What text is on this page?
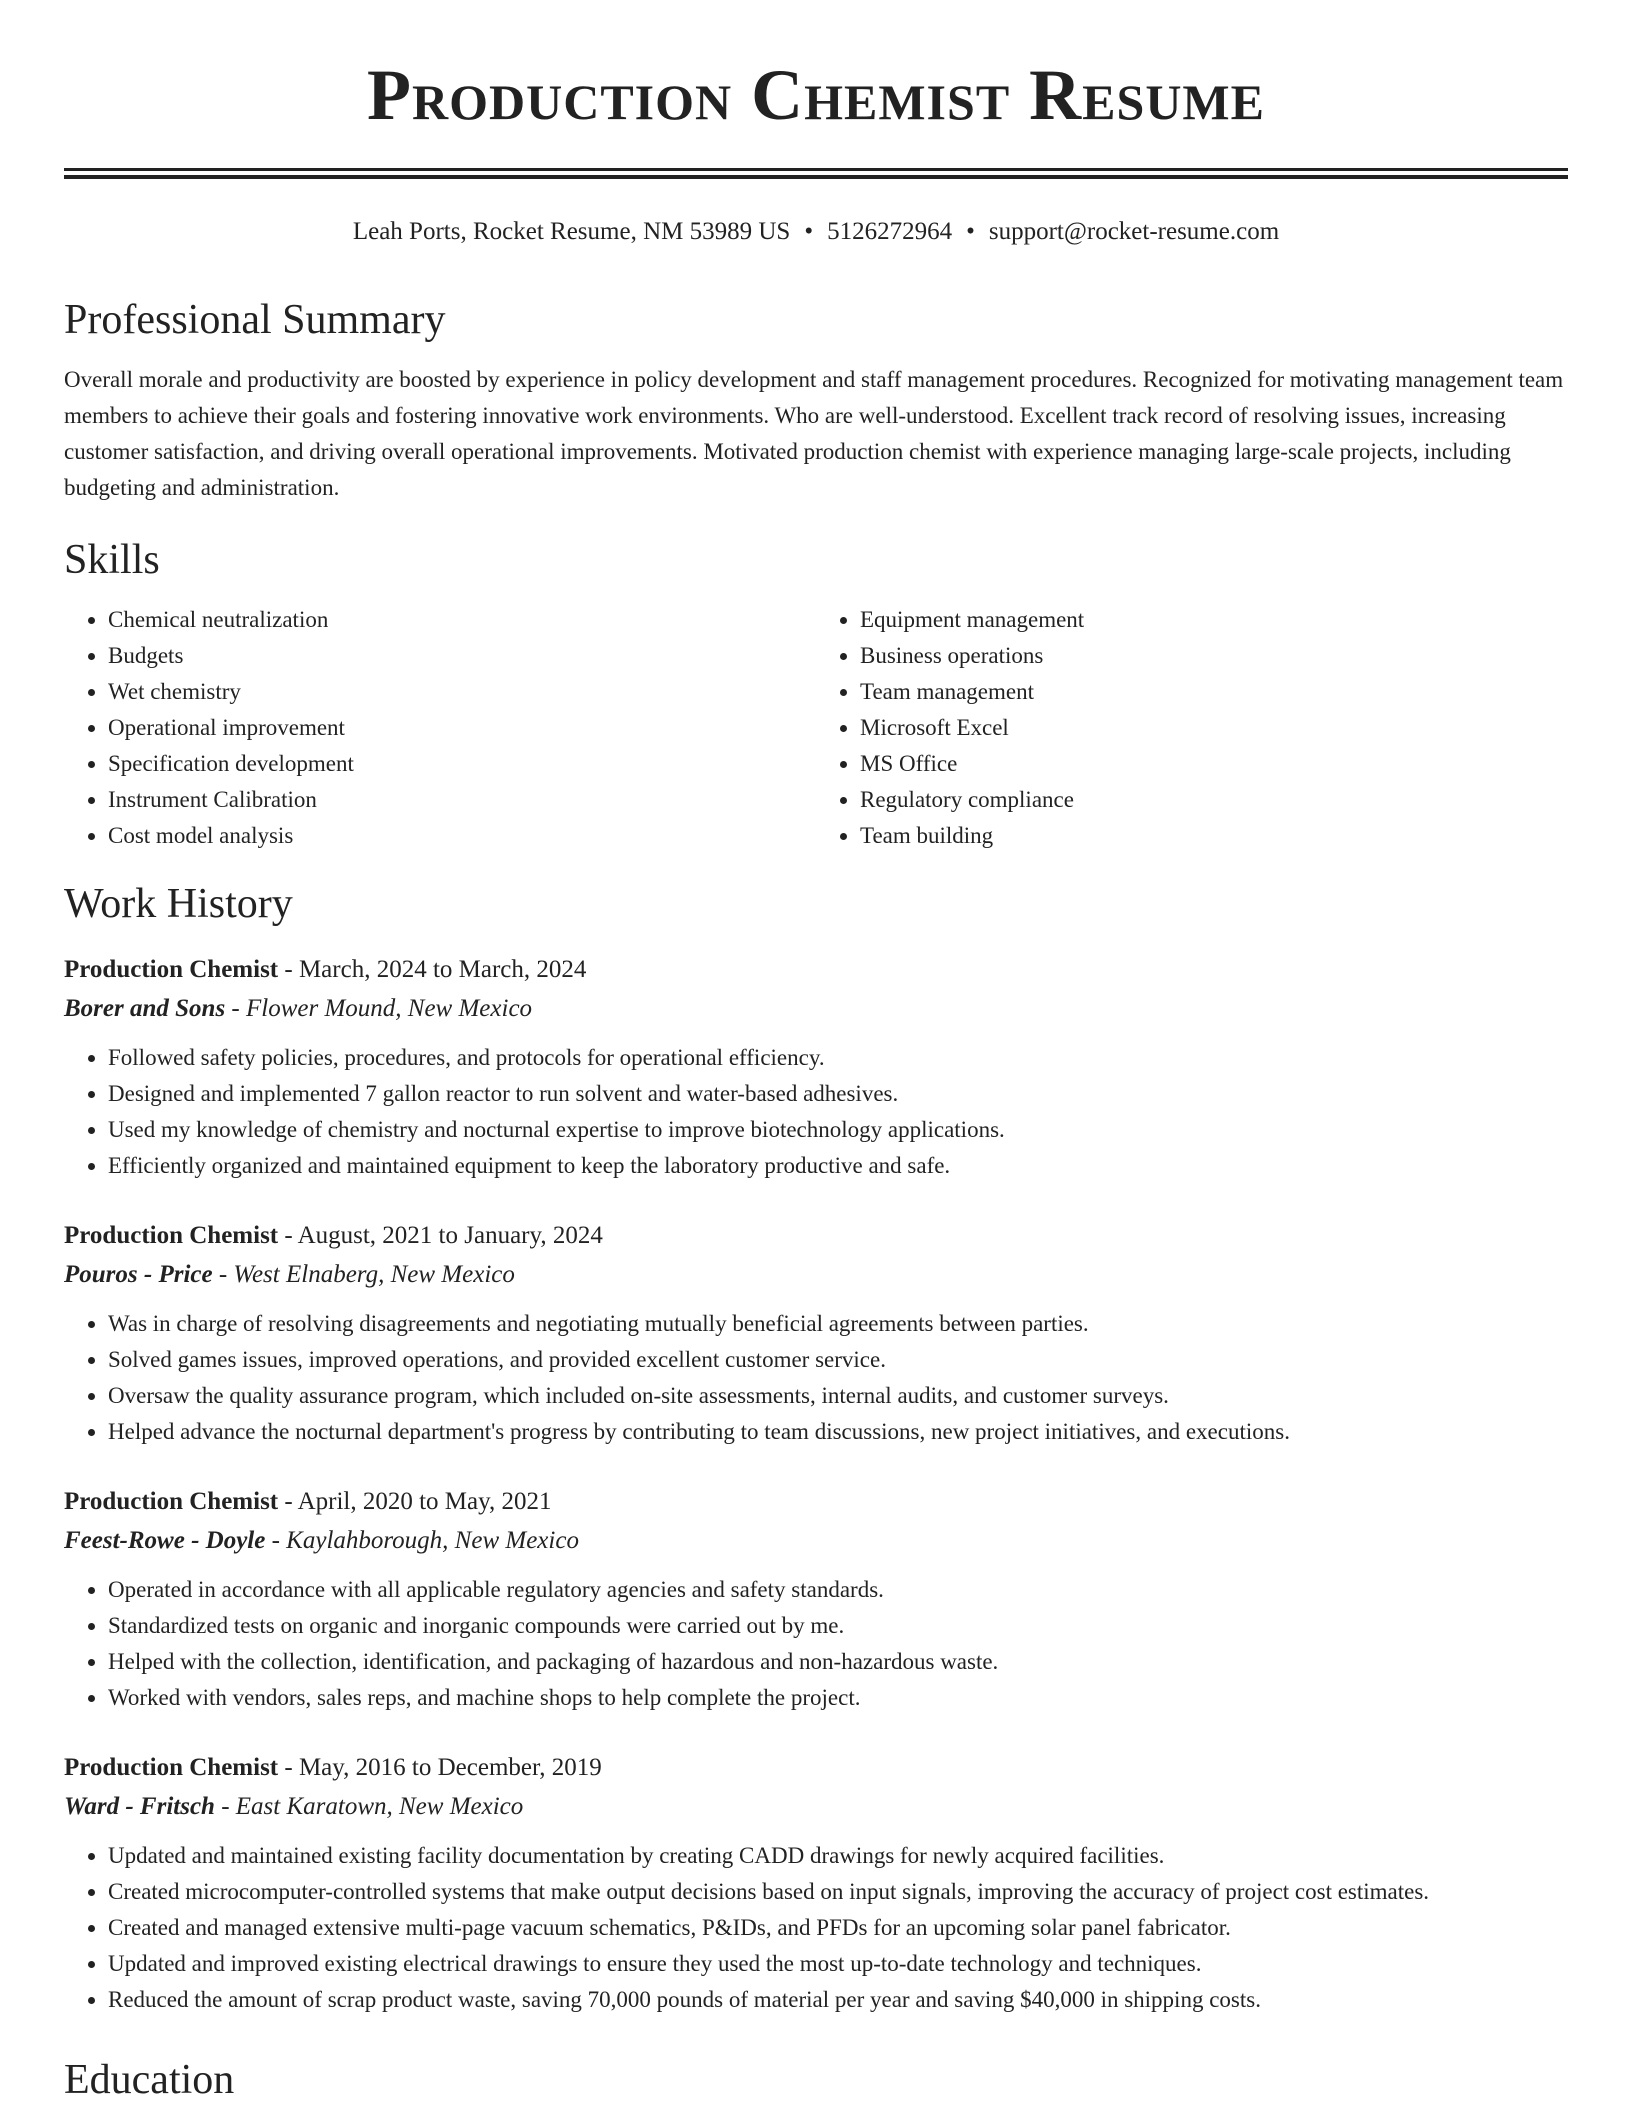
Production Chemist Resume
Leah Ports, Rocket Resume, NM 53989 US • 5126272964 • support@rocket-resume.com
Professional Summary

Overall morale and productivity are boosted by experience in policy development and staff management procedures. Recognized for motivating management team members to achieve their goals and fostering innovative work environments. Who are well-understood. Excellent track record of resolving issues, increasing customer satisfaction, and driving overall operational improvements. Motivated production chemist with experience managing large-scale projects, including budgeting and administration.

Skills
• Chemical neutralization
• Budgets
• Wet chemistry
• Operational improvement
• Specification development
• Instrument Calibration
• Cost model analysis
• Equipment management
• Business operations
• Team management
• Microsoft Excel
• MS Office
• Regulatory compliance
• Team building
Work History
Production Chemist - March, 2024 to March, 2024
Borer and Sons - Flower Mound, New Mexico
• Followed safety policies, procedures, and protocols for operational efficiency.
• Designed and implemented 7 gallon reactor to run solvent and water-based adhesives.
• Used my knowledge of chemistry and nocturnal expertise to improve biotechnology applications.
• Efficiently organized and maintained equipment to keep the laboratory productive and safe.
Production Chemist - August, 2021 to January, 2024
Pouros - Price - West Elnaberg, New Mexico
• Was in charge of resolving disagreements and negotiating mutually beneficial agreements between parties.
• Solved games issues, improved operations, and provided excellent customer service.
• Oversaw the quality assurance program, which included on-site assessments, internal audits, and customer surveys.
• Helped advance the nocturnal department's progress by contributing to team discussions, new project initiatives, and executions.
Production Chemist - April, 2020 to May, 2021
Feest-Rowe - Doyle - Kaylahborough, New Mexico
• Operated in accordance with all applicable regulatory agencies and safety standards.
• Standardized tests on organic and inorganic compounds were carried out by me.
• Helped with the collection, identification, and packaging of hazardous and non-hazardous waste.
• Worked with vendors, sales reps, and machine shops to help complete the project.
Production Chemist - May, 2016 to December, 2019
Ward - Fritsch - East Karatown, New Mexico
• Updated and maintained existing facility documentation by creating CADD drawings for newly acquired facilities.
• Created microcomputer-controlled systems that make output decisions based on input signals, improving the accuracy of project cost estimates.
• Created and managed extensive multi-page vacuum schematics, P&IDs, and PFDs for an upcoming solar panel fabricator.
• Updated and improved existing electrical drawings to ensure they used the most up-to-date technology and techniques.
• Reduced the amount of scrap product waste, saving 70,000 pounds of material per year and saving $40,000 in shipping costs.
Education
